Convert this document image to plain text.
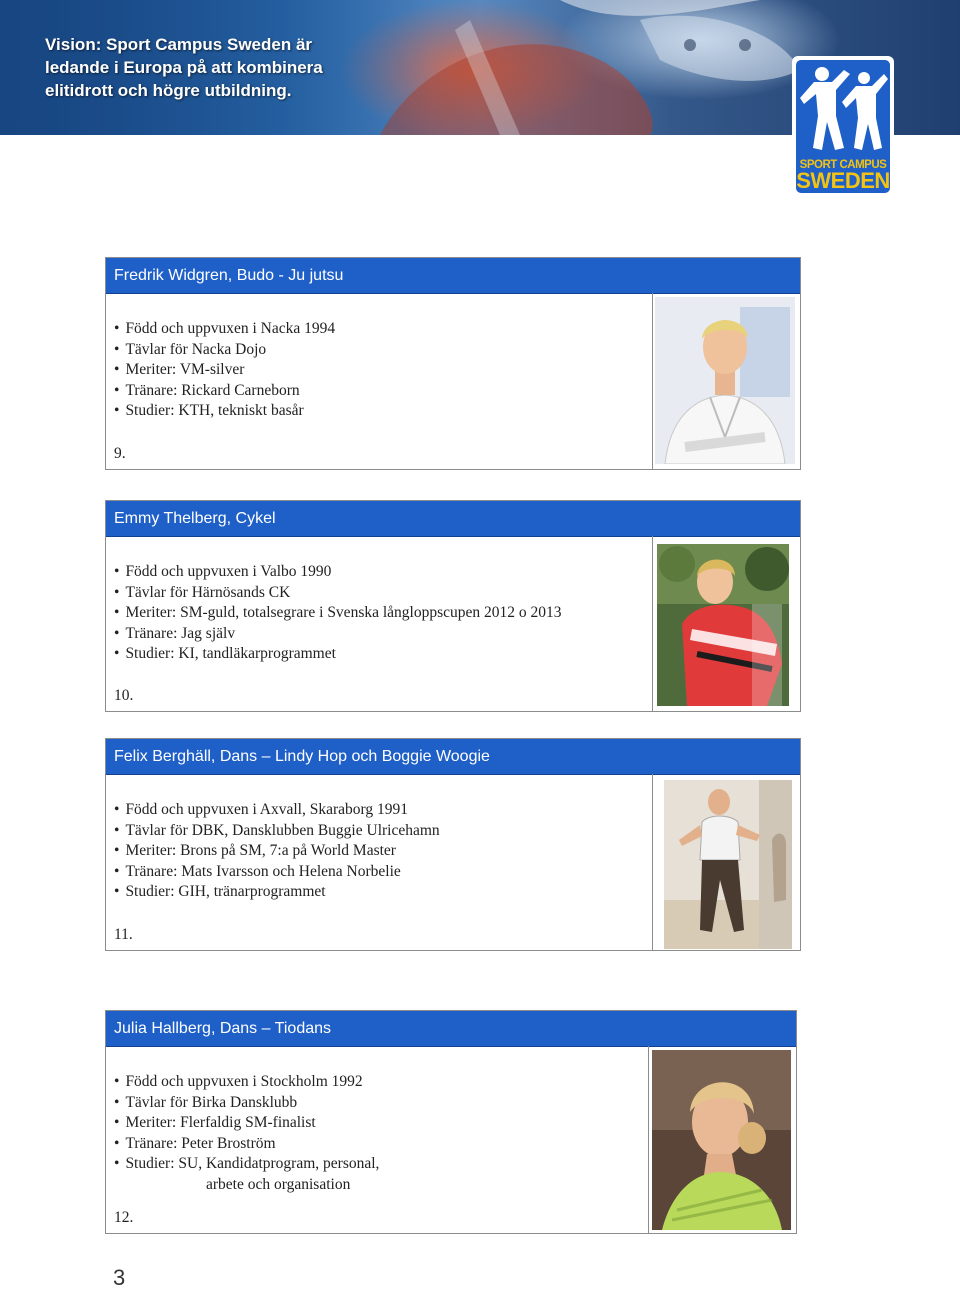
Vision: Sport Campus Sweden är
ledande i Europa på att kombinera
elitidrott och högre utbildning.
SPORT CAMPUS
SWEDEN
Fredrik Widgren, Budo - Ju jutsu
• Född och uppvuxen i Nacka 1994
• Tävlar för Nacka Dojo
• Meriter: VM-silver
• Tränare: Rickard Carneborn
• Studier: KTH, tekniskt basår
9.
Emmy Thelberg, Cykel
• Född och uppvuxen i Valbo 1990
• Tävlar för Härnösands CK
• Meriter: SM-guld, totalsegrare i Svenska långloppscupen 2012 o 2013
• Tränare: Jag själv
• Studier: KI, tandläkarprogrammet
10.
Felix Berghäll, Dans – Lindy Hop och Boggie Woogie
• Född och uppvuxen i Axvall, Skaraborg 1991
• Tävlar för DBK, Dansklubben Buggie Ulricehamn
• Meriter: Brons på SM, 7:a på World Master
• Tränare: Mats Ivarsson och Helena Norbelie
• Studier: GIH, tränarprogrammet
11.
Julia Hallberg, Dans – Tiodans
• Född och uppvuxen i Stockholm 1992
• Tävlar för Birka Dansklubb
• Meriter: Flerfaldig SM-finalist
• Tränare: Peter Broström
• Studier: SU, Kandidatprogram, personal,
arbete och organisation
12.
3
